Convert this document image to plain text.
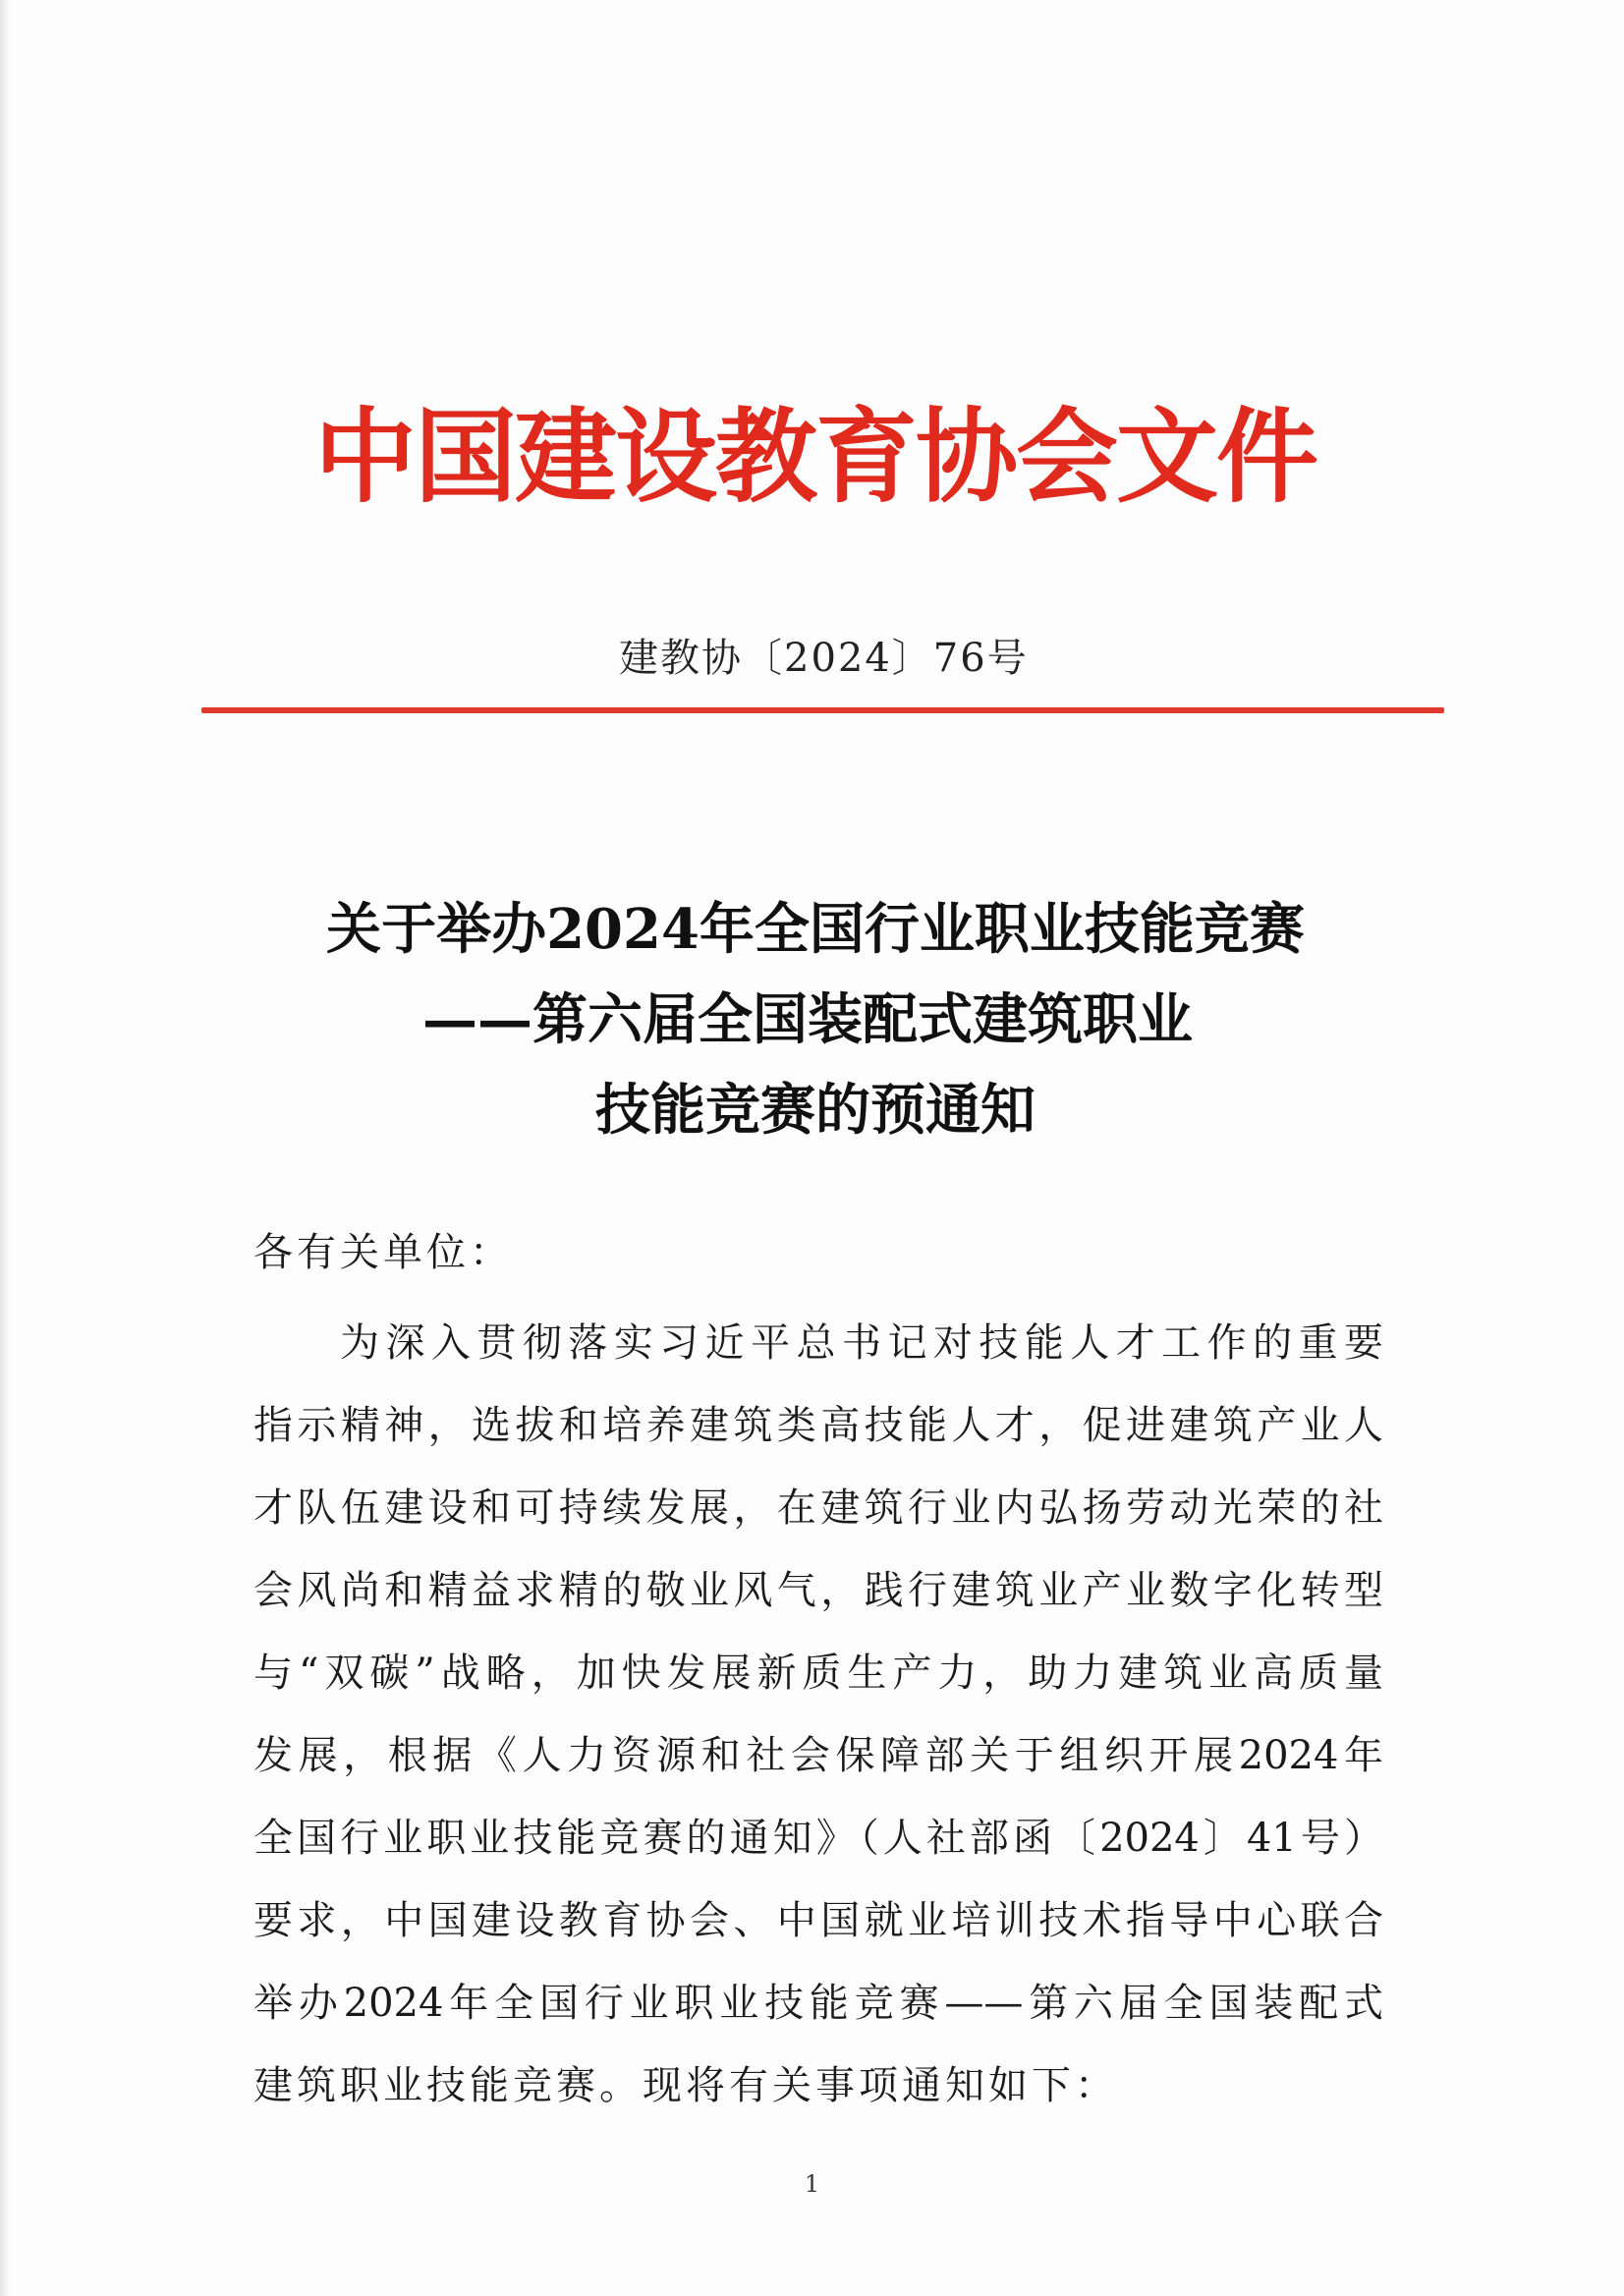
中国建设教育协会文件
建教协〔2024〕76号
关于举办2024年全国行业职业技能竞赛
——第六届全国装配式建筑职业
技能竞赛的预通知
各有关单位：
为深入贯彻落实习近平总书记对技能人才工作的重要
指示精神，选拔和培养建筑类高技能人才，促进建筑产业人
才队伍建设和可持续发展，在建筑行业内弘扬劳动光荣的社
会风尚和精益求精的敬业风气，践行建筑业产业数字化转型
与“双碳”战略，加快发展新质生产力，助力建筑业高质量
发展，根据《人力资源和社会保障部关于组织开展2024年
全国行业职业技能竞赛的通知》（人社部函〔2024〕41号）
要求，中国建设教育协会、中国就业培训技术指导中心联合
举办2024年全国行业职业技能竞赛——第六届全国装配式
建筑职业技能竞赛。现将有关事项通知如下：
1
